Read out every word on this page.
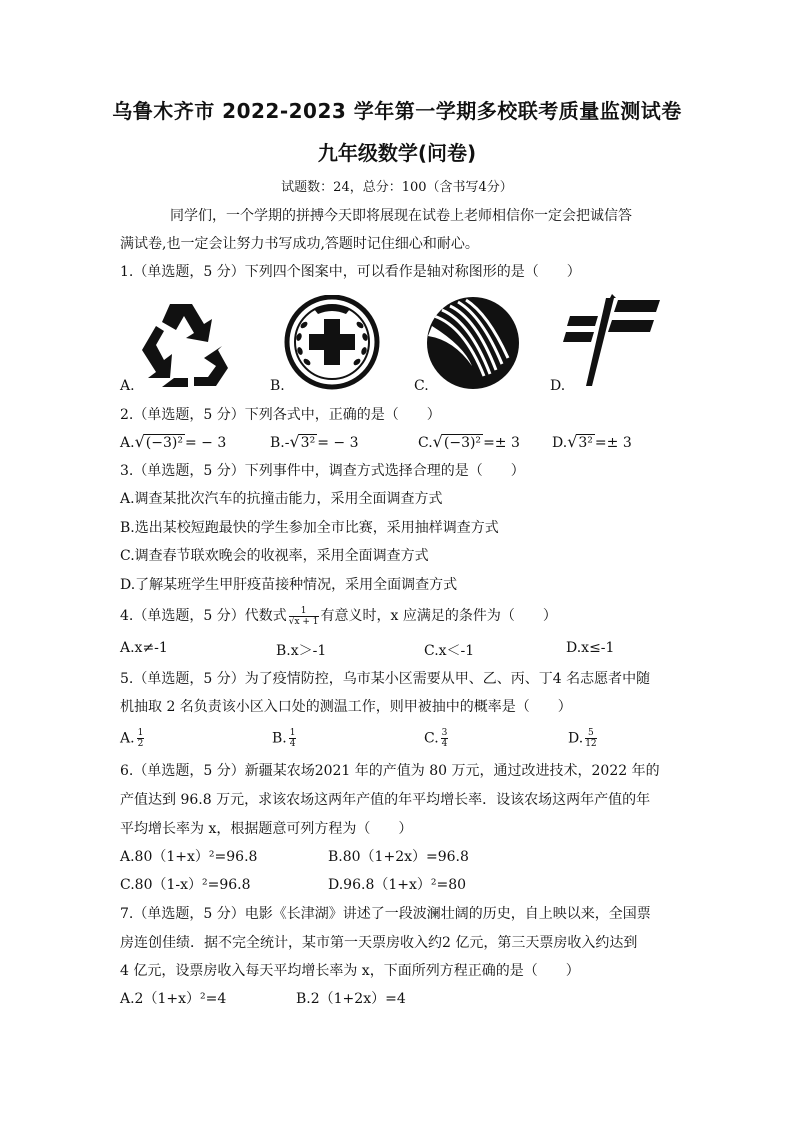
乌鲁木齐市 2022-2023 学年第一学期多校联考质量监测试卷
九年级数学(问卷)
试题数：24，总分：100（含书写4分）
同学们，一个学期的拼搏今天即将展现在试卷上老师相信你一定会把诚信答
满试卷,也一定会让努力书写成功,答题时记住细心和耐心。
1.（单选题，5 分）下列四个图案中，可以看作是轴对称图形的是（　　）
A.	B.	C.	D.
2.（单选题，5 分）下列各式中，正确的是（　　）
A.√(−3)² = − 3	B.-√3² = − 3	C.√(−3)² =± 3 D.√3² =± 3
3.（单选题，5 分）下列事件中，调查方式选择合理的是（　　）
A.调查某批次汽车的抗撞击能力，采用全面调查方式
B.选出某校短跑最快的学生参加全市比赛，采用抽样调查方式
C.调查春节联欢晚会的收视率，采用全面调查方式
D.了解某班学生甲肝疫苗接种情况，采用全面调查方式
4.（单选题，5 分）代数式 $\frac{1}{√x + 1}$ 有意义时，x 应满足的条件为（　　）
A.x≠-1	B.x＞-1	C.x＜-1	D.x≤-1
5.（单选题，5 分）为了疫情防控，乌市某小区需要从甲、乙、丙、丁4 名志愿者中随
机抽取 2 名负责该小区入口处的测温工作，则甲被抽中的概率是（　　）
A. $\frac{1}{2}$	B. $\frac{1}{4}$	C. $\frac{3}{4}$	D. $\frac{5}{12}$
6.（单选题，5 分）新疆某农场2021 年的产值为 80 万元，通过改进技术，2022 年的
产值达到 96.8 万元，求该农场这两年产值的年平均增长率．设该农场这两年产值的年
平均增长率为 x，根据题意可列方程为（　　）
A.80（1+x）²=96.8	B.80（1+2x）=96.8
C.80（1-x）²=96.8	D.96.8（1+x）²=80
7.（单选题，5 分）电影《长津湖》讲述了一段波澜壮阔的历史，自上映以来，全国票
房连创佳绩．据不完全统计，某市第一天票房收入约2 亿元，第三天票房收入约达到
4 亿元，设票房收入每天平均增长率为 x，下面所列方程正确的是（　　）
A.2（1+x）²=4	B.2（1+2x）=4
